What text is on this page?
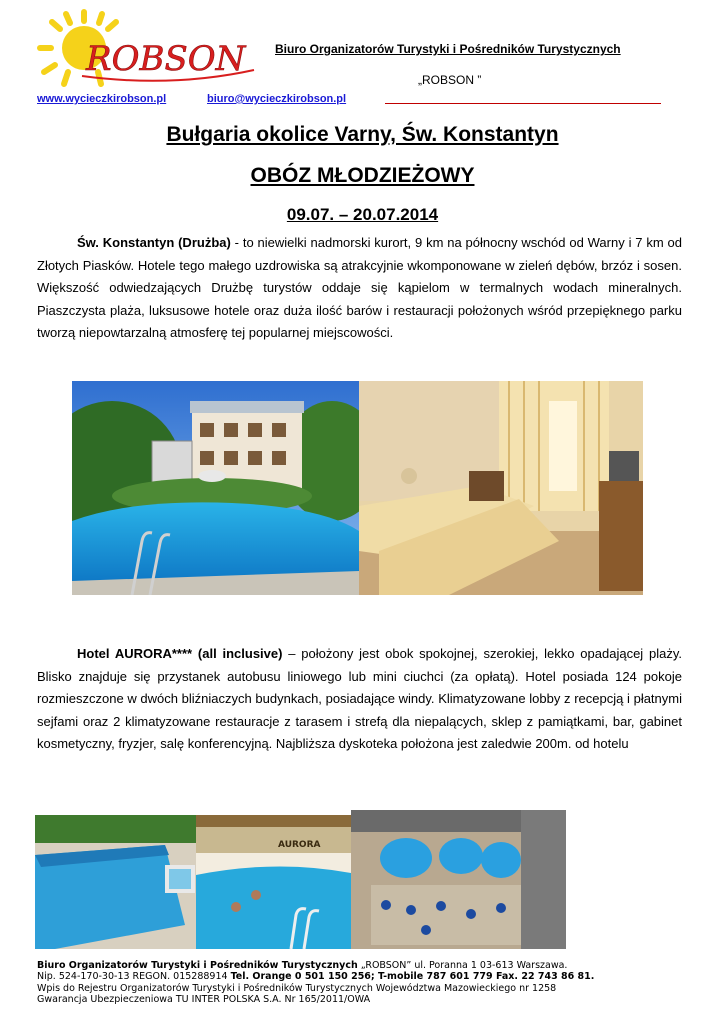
ROBSON Biuro Organizatorów Turystyki i Pośredników Turystycznych
„ROBSON ”
www.wycieczkirobson.pl	biuro@wycieczkirobson.pl
Bułgaria okolice Varny, Św. Konstantyn
OBÓZ MŁODZIEŻOWY
09.07. – 20.07.2014
Św. Konstantyn (Drużba) - to niewielki nadmorski kurort, 9 km na północny wschód od Warny i 7 km od Złotych Piasków. Hotele tego małego uzdrowiska są atrakcyjnie wkomponowane w zieleń dębów, brzóz i sosen. Większość odwiedzających Drużbę turystów oddaje się kąpielom w termalnych wodach mineralnych. Piaszczysta plaża, luksusowe hotele oraz duża ilość barów i restauracji położonych wśród przepięknego parku tworzą niepowtarzalną atmosferę tej popularnej miejscowości.
Hotel AURORA**** (all inclusive) – położony jest obok spokojnej, szerokiej, lekko opadającej plaży. Blisko znajduje się przystanek autobusu liniowego lub mini ciuchci (za opłatą). Hotel posiada 124 pokoje rozmieszczone w dwóch bliźniaczych budynkach, posiadające windy. Klimatyzowane lobby z recepcją i płatnymi sejfami oraz 2 klimatyzowane restauracje z tarasem i strefą dla niepalących, sklep z pamiątkami, bar, gabinet kosmetyczny, fryzjer, salę konferencyjną. Najbliższa dyskoteka położona jest zaledwie 200m. od hotelu
AURORA
Biuro Organizatorów Turystyki i Pośredników Turystycznych „ROBSON” ul. Poranna 1 03-613 Warszawa.
Nip. 524-170-30-13 REGON. 015288914 Tel. Orange 0 501 150 256; T-mobile 787 601 779 Fax. 22 743 86 81.
Wpis do Rejestru Organizatorów Turystyki i Pośredników Turystycznych Województwa Mazowieckiego nr 1258
Gwarancja Ubezpieczeniowa TU INTER POLSKA S.A. Nr 165/2011/OWA
